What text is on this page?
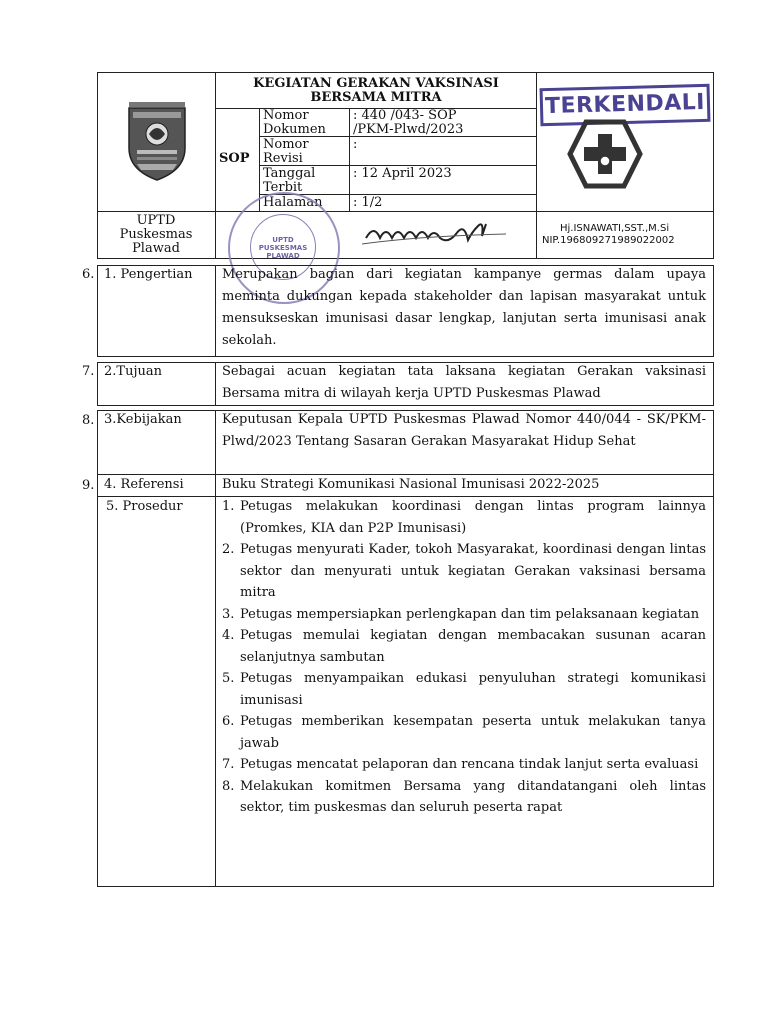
KEGIATAN GERAKAN VAKSINASI
BERSAMA MITRA
SOP
Nomor
Dokumen
: 440 /043- SOP
/PKM-Plwd/2023
Nomor
Revisi
:
Tanggal
Terbit
: 12 April 2023
Halaman	: 1/2
TERKENDALI
UPTD
Puskesmas
Plawad
Hj.ISNAWATI,SST.,M.Si
NIP.196809271989022002
UPTD PUSKESMAS
PLAWAD
6. 1. Pengertian Merupakan bagian dari kegiatan kampanye germas dalam upaya meminta dukungan kepada stakeholder dan lapisan masyarakat untuk mensukseskan imunisasi dasar lengkap, lanjutan serta imunisasi anak sekolah.
7. 2.Tujuan	Sebagai acuan kegiatan tata laksana kegiatan Gerakan vaksinasi Bersama mitra di wilayah kerja UPTD Puskesmas Plawad
8. 3.Kebijakan	Keputusan Kepala UPTD Puskesmas Plawad Nomor 440/044 - SK/PKM-Plwd/2023 Tentang Sasaran Gerakan Masyarakat Hidup Sehat
9. 4. Referensi	Buku Strategi Komunikasi Nasional Imunisasi 2022-2025
5. Prosedur	1. Petugas melakukan koordinasi dengan lintas program lainnya (Promkes, KIA dan P2P Imunisasi)
2. Petugas menyurati Kader, tokoh Masyarakat, koordinasi dengan lintas sektor dan menyurati untuk kegiatan Gerakan vaksinasi bersama mitra
3. Petugas mempersiapkan perlengkapan dan tim pelaksanaan kegiatan
4. Petugas memulai kegiatan dengan membacakan susunan acaran selanjutnya sambutan
5. Petugas menyampaikan edukasi penyuluhan strategi komunikasi imunisasi
6. Petugas memberikan kesempatan peserta untuk melakukan tanya jawab
7. Petugas mencatat pelaporan dan rencana tindak lanjut serta evaluasi
8. Melakukan komitmen Bersama yang ditandatangani oleh lintas sektor, tim puskesmas dan seluruh peserta rapat
